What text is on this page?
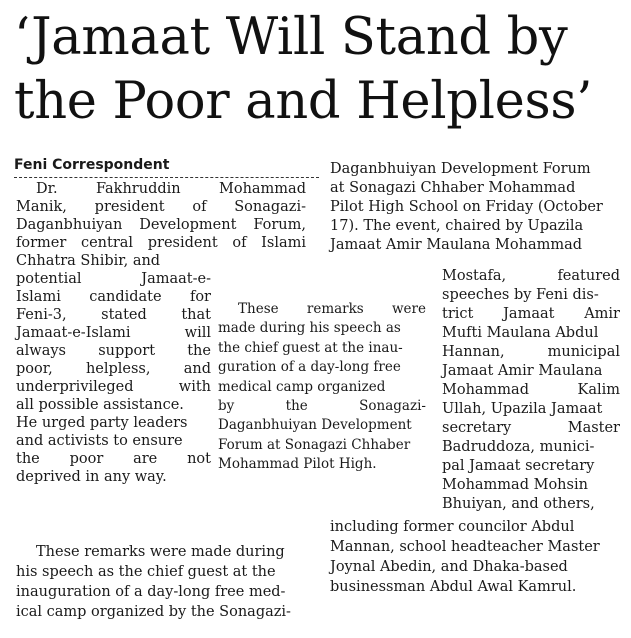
‘Jamaat Will Stand by
the Poor and Helpless’
Feni Correspondent
Dr.	Fakhruddin	Mohammad
Manik, president of Sonagazi-
Daganbhuiyan Development Forum,
former central president of Islami
Chhatra Shibir, and
potential	Jamaat-e-
Islami candidate for
Feni-3, stated that
Jamaat-e-Islami	will
always support the
poor, helpless, and
underprivileged	with
all possible assistance.
He urged party leaders
and activists to ensure
the poor are not
deprived in any way.
These remarks were made during
his speech as the chief guest at the
inauguration of a day-long free med-
ical camp organized by the Sonagazi-
These remarks were
made during his speech as
the chief guest at the inau-
guration of a day-long free
medical camp organized
by	the	Sonagazi-
Daganbhuiyan Development
Forum at Sonagazi Chhaber
Mohammad Pilot High.
Daganbhuiyan Development Forum
at Sonagazi Chhaber Mohammad
Pilot High School on Friday (October
17). The event, chaired by Upazila
Jamaat Amir Maulana Mohammad
Mostafa,	featured
speeches by Feni dis-
trict Jamaat Amir
Mufti Maulana Abdul
Hannan,	municipal
Jamaat Amir Maulana
Mohammad	Kalim
Ullah, Upazila Jamaat
secretary	Master
Badruddoza, munici-
pal Jamaat secretary
Mohammad Mohsin
Bhuiyan, and others,
including former councilor Abdul
Mannan, school headteacher Master
Joynal Abedin, and Dhaka-based
businessman Abdul Awal Kamrul.
